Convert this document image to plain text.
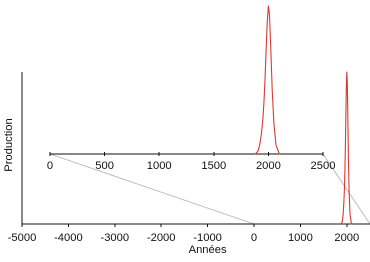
-5000 -4000 -3000 -2000 -1000	0	1000 2000
0	500	1000	1500	2000	2500
Années
Production
